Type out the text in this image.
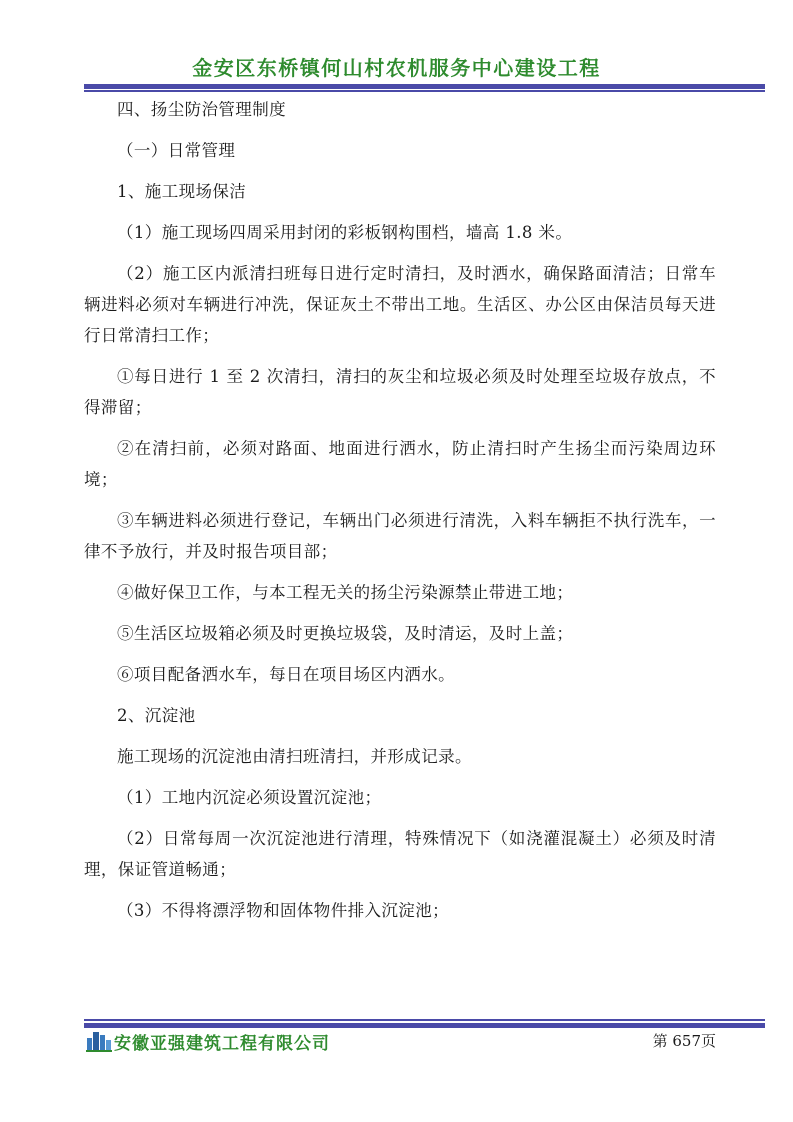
金安区东桥镇何山村农机服务中心建设工程

四、扬尘防治管理制度

（一）日常管理

1、施工现场保洁

（1）施工现场四周采用封闭的彩板钢构围档，墙高 1.8 米。

（2）施工区内派清扫班每日进行定时清扫，及时洒水，确保路面清洁；日常车辆进料必须对车辆进行冲洗，保证灰土不带出工地。生活区、办公区由保洁员每天进行日常清扫工作；

①每日进行 1 至 2 次清扫，清扫的灰尘和垃圾必须及时处理至垃圾存放点，不得滞留；

②在清扫前，必须对路面、地面进行洒水，防止清扫时产生扬尘而污染周边环境；

③车辆进料必须进行登记，车辆出门必须进行清洗，入料车辆拒不执行洗车，一律不予放行，并及时报告项目部；

④做好保卫工作，与本工程无关的扬尘污染源禁止带进工地；

⑤生活区垃圾箱必须及时更换垃圾袋，及时清运，及时上盖；

⑥项目配备洒水车，每日在项目场区内洒水。

2、沉淀池

施工现场的沉淀池由清扫班清扫，并形成记录。

（1）工地内沉淀必须设置沉淀池；

（2）日常每周一次沉淀池进行清理，特殊情况下（如浇灌混凝土）必须及时清理，保证管道畅通；

（3）不得将漂浮物和固体物件排入沉淀池；

安徽亚强建筑工程有限公司	第 657页
